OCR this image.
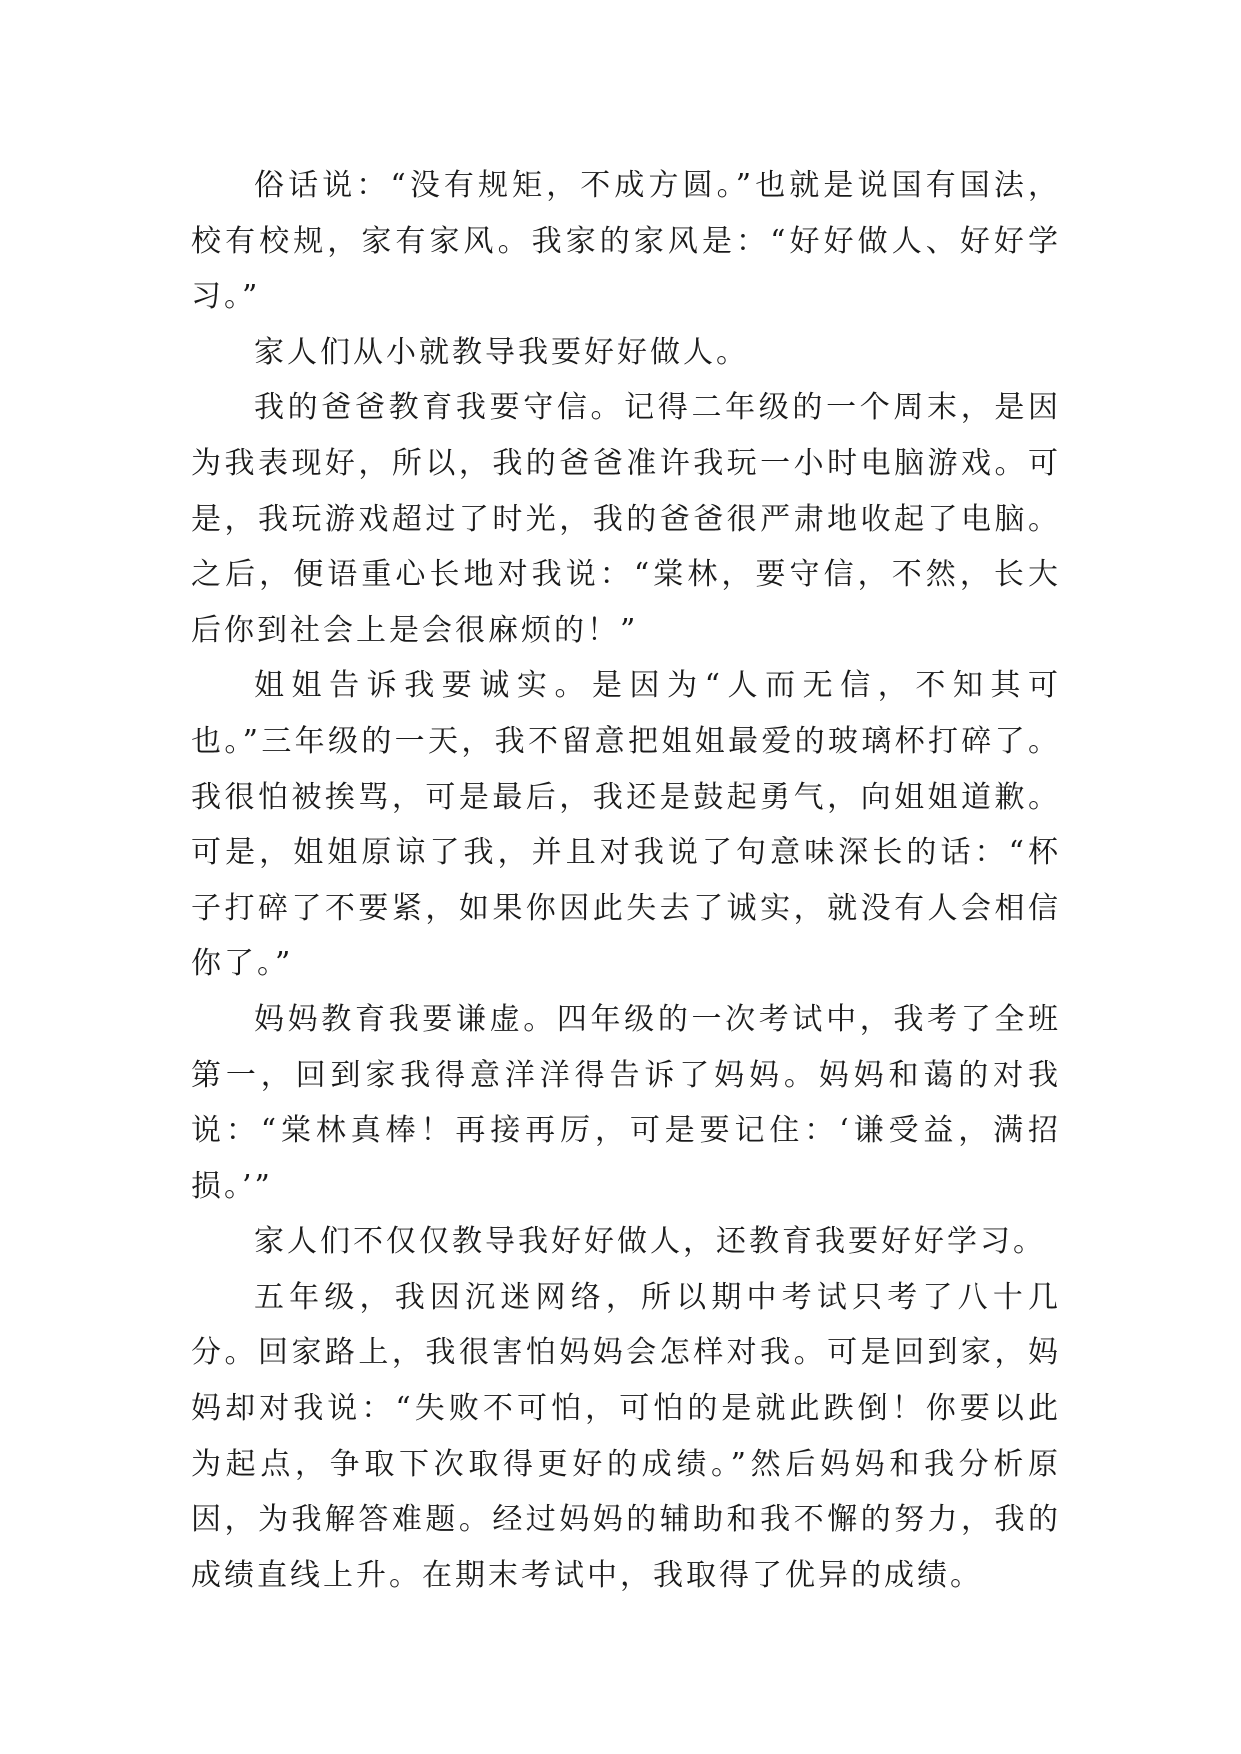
俗话说：“没有规矩，不成方圆。”也就是说国有国法，校有校规，家有家风。我家的家风是：“好好做人、好好学习。”

家人们从小就教导我要好好做人。

我的爸爸教育我要守信。记得二年级的一个周末，是因为我表现好，所以，我的爸爸准许我玩一小时电脑游戏。可是，我玩游戏超过了时光，我的爸爸很严肃地收起了电脑。之后，便语重心长地对我说：“棠林，要守信，不然，长大后你到社会上是会很麻烦的！”

姐姐告诉我要诚实。是因为“人而无信，不知其可也。”三年级的一天，我不留意把姐姐最爱的玻璃杯打碎了。我很怕被挨骂，可是最后，我还是鼓起勇气，向姐姐道歉。可是，姐姐原谅了我，并且对我说了句意味深长的话：“杯子打碎了不要紧，如果你因此失去了诚实，就没有人会相信你了。”

妈妈教育我要谦虚。四年级的一次考试中，我考了全班第一，回到家我得意洋洋得告诉了妈妈。妈妈和蔼的对我说：“棠林真棒！再接再厉，可是要记住：‘谦受益，满招损。’”

家人们不仅仅教导我好好做人，还教育我要好好学习。

五年级，我因沉迷网络，所以期中考试只考了八十几分。回家路上，我很害怕妈妈会怎样对我。可是回到家，妈妈却对我说：“失败不可怕，可怕的是就此跌倒！你要以此为起点，争取下次取得更好的成绩。”然后妈妈和我分析原因，为我解答难题。经过妈妈的辅助和我不懈的努力，我的成绩直线上升。在期末考试中，我取得了优异的成绩。
